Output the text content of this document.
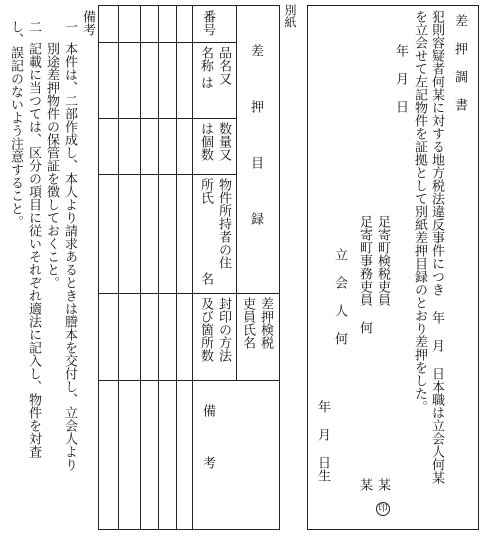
差 押 調 書
犯則容疑者何某に対する地方税法違反事件につき 年 月 日本職は立会人何某
を立会せて左記物件を証拠として別紙差押目録のとおり差押をした。
年 月 日
足寄町検税吏員
某
印
足寄町事務吏員 何
某
立 会 人 何
年 月 日生
別紙
差 押 目 録
番号
品名又
名称
は
数量又
は個数
物件所持者の住
所氏
名
封印の方法
及び箇所数	差押検税
吏員氏名
備　　　考
備考
一
本件は、二部作成し、本人より請求あるときは謄本を交付し、立会人より
別途差押物件の保管証を徴しておくこと。
二
記載に当つては、区分の項目に従いそれぞれ適法に記入し、物件を対査
し、誤記のないよう注意すること。
